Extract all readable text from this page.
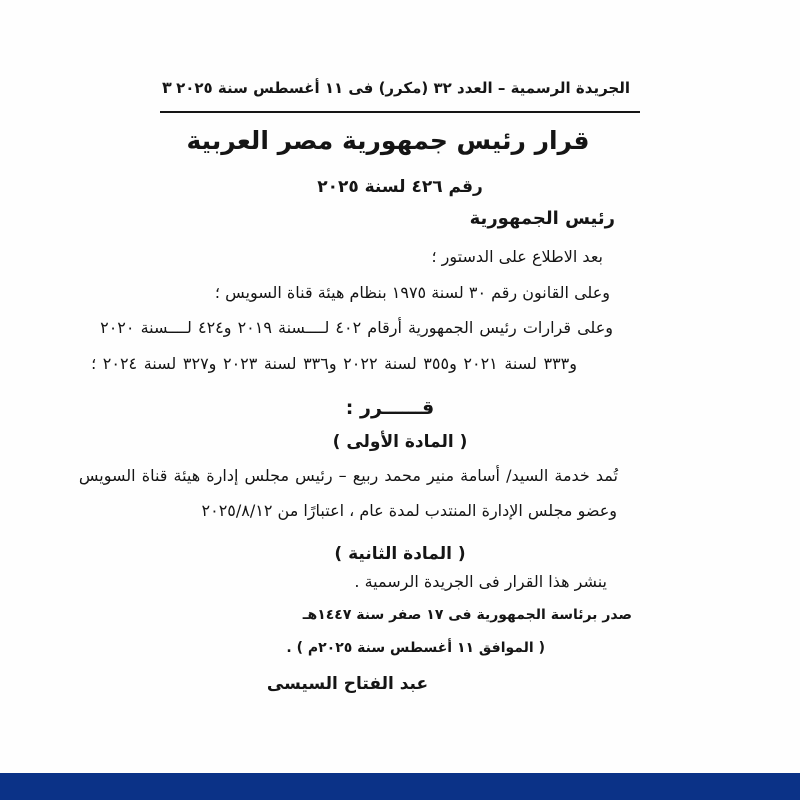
الجريدة الرسمية – العدد ٣٢ (مكرر) فى ١١ أغسطس سنة ٢٠٢٥
٣
قرار رئيس جمهورية مصر العربية
رقم ٤٢٦ لسنة ٢٠٢٥
رئيس الجمهورية
بعد الاطلاع على الدستور ؛
وعلى القانون رقم ٣٠ لسنة ١٩٧٥ بنظام هيئة قناة السويس ؛
وعلى قرارات رئيس الجمهورية أرقام ٤٠٢ لــــسنة ٢٠١٩ و٤٢٤ لــــسنة ٢٠٢٠
و٣٣٣ لسنة ٢٠٢١ و٣٥٥ لسنة ٢٠٢٢ و٣٣٦ لسنة ٢٠٢٣ و٣٢٧ لسنة ٢٠٢٤ ؛
قــــــرر :
( المادة الأولى )
تُمد خدمة السيد/ أسامة منير محمد ربيع – رئيس مجلس إدارة هيئة قناة السويس
وعضو مجلس الإدارة المنتدب لمدة عام ، اعتبارًا من ٢٠٢٥/٨/١٢
( المادة الثانية )
ينشر هذا القرار فى الجريدة الرسمية .
صدر برئاسة الجمهورية فى ١٧ صفر سنة ١٤٤٧هـ
( الموافق ١١ أغسطس سنة ٢٠٢٥م ) .
عبد الفتاح السيسى
